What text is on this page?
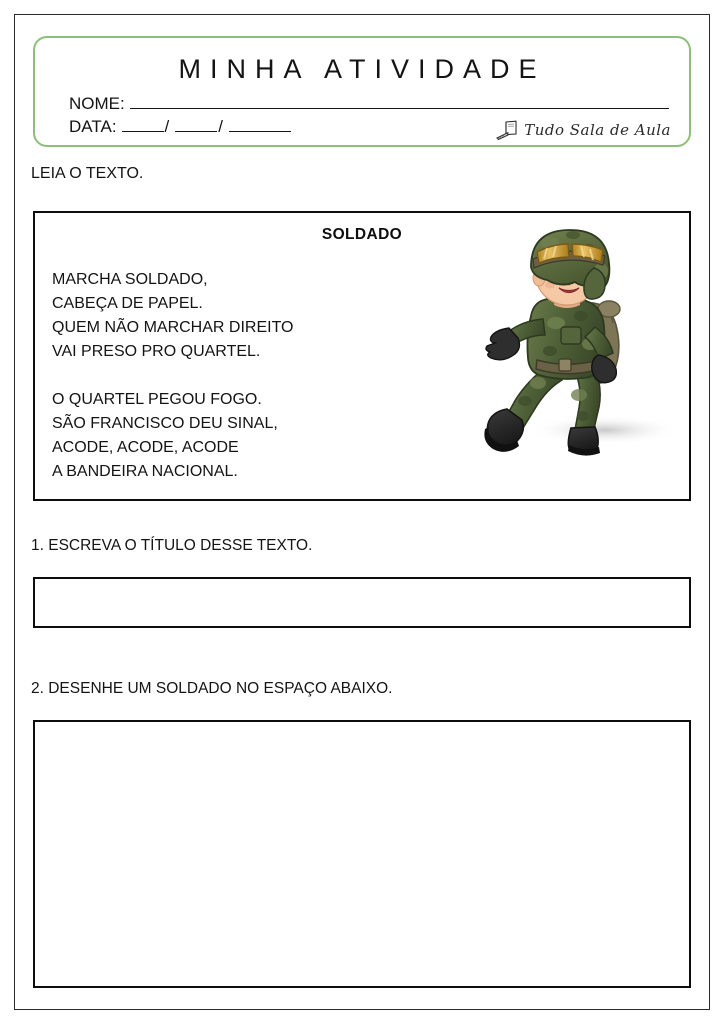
MINHA ATIVIDADE
NOME:
DATA:	/	/	Tudo Sala de Aula
LEIA O TEXTO.
SOLDADO
MARCHA SOLDADO,
CABEÇA DE PAPEL.
QUEM NÃO MARCHAR DIREITO
VAI PRESO PRO QUARTEL.
O QUARTEL PEGOU FOGO.
SÃO FRANCISCO DEU SINAL,
ACODE, ACODE, ACODE
A BANDEIRA NACIONAL.
1. ESCREVA O TÍTULO DESSE TEXTO.
2. DESENHE UM SOLDADO NO ESPAÇO ABAIXO.
